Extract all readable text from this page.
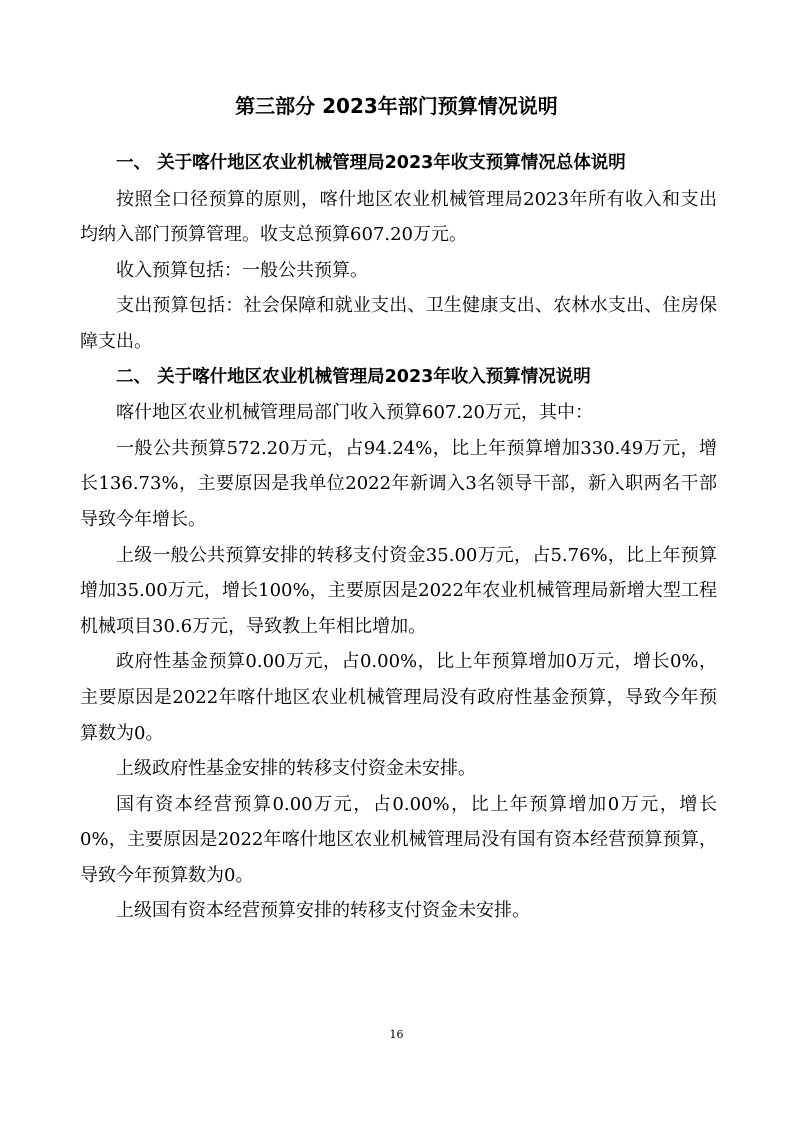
第三部分 2023年部门预算情况说明

一、 关于喀什地区农业机械管理局2023年收支预算情况总体说明

按照全口径预算的原则，喀什地区农业机械管理局2023年所有收入和支出均纳入部门预算管理。收支总预算607.20万元。

收入预算包括：一般公共预算。

支出预算包括：社会保障和就业支出、卫生健康支出、农林水支出、住房保障支出。

二、 关于喀什地区农业机械管理局2023年收入预算情况说明

喀什地区农业机械管理局部门收入预算607.20万元，其中：

一般公共预算572.20万元，占94.24%，比上年预算增加330.49万元，增长136.73%，主要原因是我单位2022年新调入3名领导干部，新入职两名干部导致今年增长。

上级一般公共预算安排的转移支付资金35.00万元，占5.76%，比上年预算增加35.00万元，增长100%，主要原因是2022年农业机械管理局新增大型工程机械项目30.6万元，导致教上年相比增加。

政府性基金预算0.00万元，占0.00%，比上年预算增加0万元，增长0%，主要原因是2022年喀什地区农业机械管理局没有政府性基金预算，导致今年预算数为0。

上级政府性基金安排的转移支付资金未安排。

国有资本经营预算0.00万元，占0.00%，比上年预算增加0万元，增长0%，主要原因是2022年喀什地区农业机械管理局没有国有资本经营预算预算，导致今年预算数为0。

上级国有资本经营预算安排的转移支付资金未安排。

16
